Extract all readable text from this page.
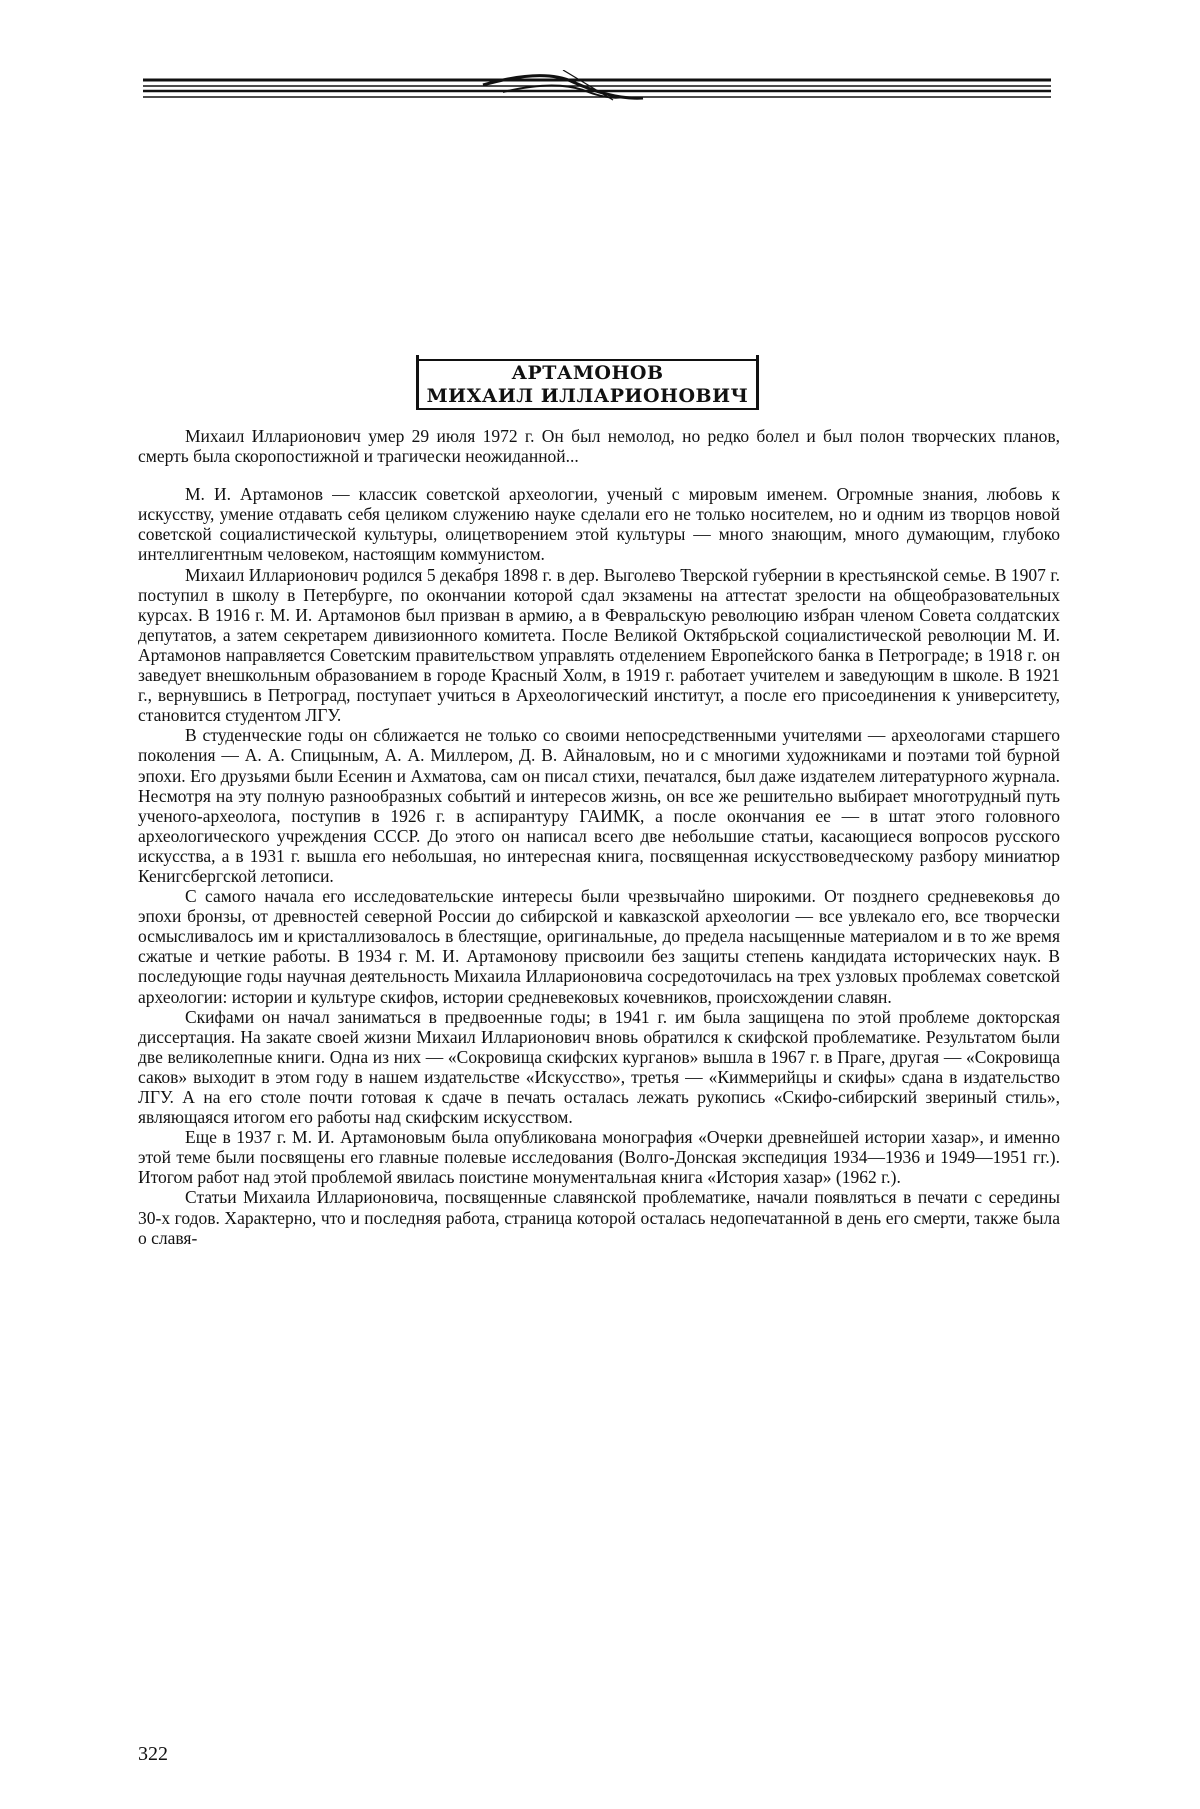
АРТАМОНОВ
МИХАИЛ ИЛЛАРИОНОВИЧ

Михаил Илларионович умер 29 июля 1972 г. Он был немолод, но редко болел и был полон творческих планов, смерть была скоропостижной и трагически неожиданной...

М. И. Артамонов — классик советской археологии, ученый с мировым именем. Огромные знания, любовь к искусству, умение отдавать себя целиком служению науке сделали его не только носителем, но и одним из творцов новой советской социалистической культуры, олицетворением этой культуры — много знающим, много думающим, глубоко интеллигентным человеком, настоящим коммунистом.

Михаил Илларионович родился 5 декабря 1898 г. в дер. Выголево Тверской губернии в крестьянской семье. В 1907 г. поступил в школу в Петербурге, по окончании которой сдал экзамены на аттестат зрелости на общеобразовательных курсах. В 1916 г. М. И. Артамонов был призван в армию, а в Февральскую революцию избран членом Совета солдатских депутатов, а затем секретарем дивизионного комитета. После Великой Октябрьской социалистической революции М. И. Артамонов направляется Советским правительством управлять отделением Европейского банка в Петрограде; в 1918 г. он заведует внешкольным образованием в городе Красный Холм, в 1919 г. работает учителем и заведующим в школе. В 1921 г., вернувшись в Петроград, поступает учиться в Археологический институт, а после его присоединения к университету, становится студентом ЛГУ.

В студенческие годы он сближается не только со своими непосредственными учителями — археологами старшего поколения — А. А. Спицыным, А. А. Миллером, Д. В. Айналовым, но и с многими художниками и поэтами той бурной эпохи. Его друзьями были Есенин и Ахматова, сам он писал стихи, печатался, был даже издателем литературного журнала. Несмотря на эту полную разнообразных событий и интересов жизнь, он все же решительно выбирает многотрудный путь ученого-археолога, поступив в 1926 г. в аспирантуру ГАИМК, а после окончания ее — в штат этого головного археологического учреждения СССР. До этого он написал всего две небольшие статьи, касающиеся вопросов русского искусства, а в 1931 г. вышла его небольшая, но интересная книга, посвященная искусствоведческому разбору миниатюр Кенигсбергской летописи.

С самого начала его исследовательские интересы были чрезвычайно широкими. От позднего средневековья до эпохи бронзы, от древностей северной России до сибирской и кавказской археологии — все увлекало его, все творчески осмысливалось им и кристаллизовалось в блестящие, оригинальные, до предела насыщенные материалом и в то же время сжатые и четкие работы. В 1934 г. М. И. Артамонову присвоили без защиты степень кандидата исторических наук. В последующие годы научная деятельность Михаила Илларионовича сосредоточилась на трех узловых проблемах советской археологии: истории и культуре скифов, истории средневековых кочевников, происхождении славян.

Скифами он начал заниматься в предвоенные годы; в 1941 г. им была защищена по этой проблеме докторская диссертация. На закате своей жизни Михаил Илларионович вновь обратился к скифской проблематике. Результатом были две великолепные книги. Одна из них — «Сокровища скифских курганов» вышла в 1967 г. в Праге, другая — «Сокровища саков» выходит в этом году в нашем издательстве «Искусство», третья — «Киммерийцы и скифы» сдана в издательство ЛГУ. А на его столе почти готовая к сдаче в печать осталась лежать рукопись «Скифо-сибирский звериный стиль», являющаяся итогом его работы над скифским искусством.

Еще в 1937 г. М. И. Артамоновым была опубликована монография «Очерки древнейшей истории хазар», и именно этой теме были посвящены его главные полевые исследования (Волго-Донская экспедиция 1934—1936 и 1949—1951 гг.). Итогом работ над этой проблемой явилась поистине монументальная книга «История хазар» (1962 г.).

Статьи Михаила Илларионовича, посвященные славянской проблематике, начали появляться в печати с середины 30-х годов. Характерно, что и последняя работа, страница которой осталась недопечатанной в день его смерти, также была о славя-

322
